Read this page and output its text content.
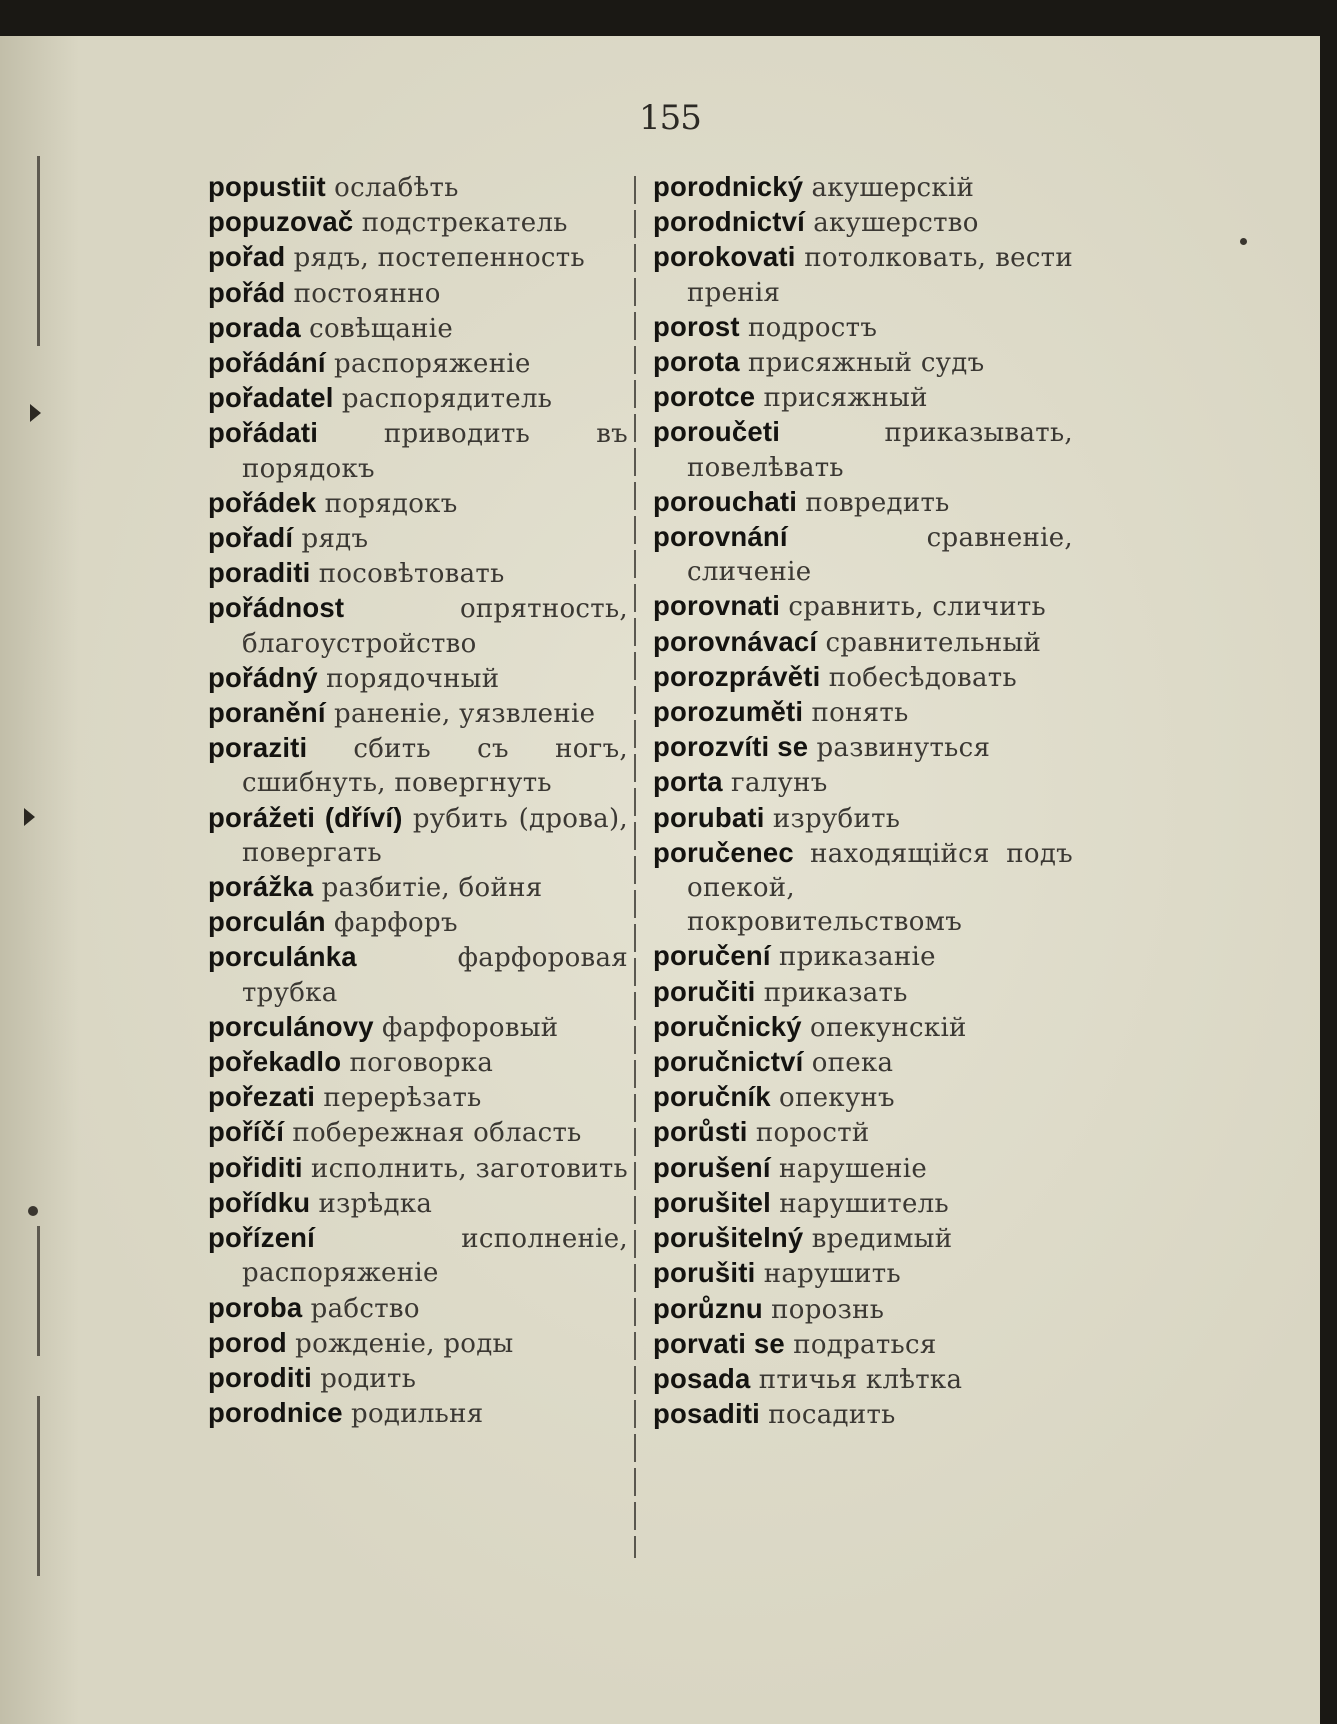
155
popustiit ослабѣть
popuzovač подстрекатель
pořad рядъ, постепенность
pořád постоянно
porada совѣщаніе
pořádání распоряженіе
pořadatel распорядитель
pořádati	приводить въ порядокъ
pořádek порядокъ
pořadí рядъ
poraditi посовѣтовать
pořádnost	опрятность, благоустройство
pořádný порядочный
poranění раненіе, уязвленіе
poraziti сбить съ ногъ, сшибнуть, повергнуть
porážeti (dříví) рубить (дрова), повергать
porážka разбитіе, бойня
porculán фарфоръ
porculánka	фарфоровая трубка
porculánovy фарфоровый
pořekadlo поговорка
pořezati перерѣзать
poříčí побережная область
pořiditi исполнить, заготовить
pořídku изрѣдка
pořízení	исполненіе, распоряженіе
poroba рабство
porod рожденіе, роды
poroditi родить
porodnice родильня
porodnický акушерскій
porodnictví акушерство
porokovati потолковать, вести пренія
porost подростъ
porota присяжный судъ
porotce присяжный
poroučeti	приказывать, повелѣвать
porouchati повредить
porovnání	сравненіе, сличеніе
porovnati сравнить, сличить
porovnávací сравнительный
porozprávěti побесѣдовать
porozuměti понять
porozvíti se развинуться
porta галунъ
porubati изрубить
poručenec находящійся подъ опекой, покровительствомъ
poručení приказаніе
poručiti приказать
poručnický опекунскій
poručnictví опека
poručník опекунъ
porůsti поростй
porušení нарушеніе
porušitel нарушитель
porušitelný вредимый
porušiti нарушить
porůznu порознь
porvati se подраться
posada птичья клѣтка
posaditi посадить
